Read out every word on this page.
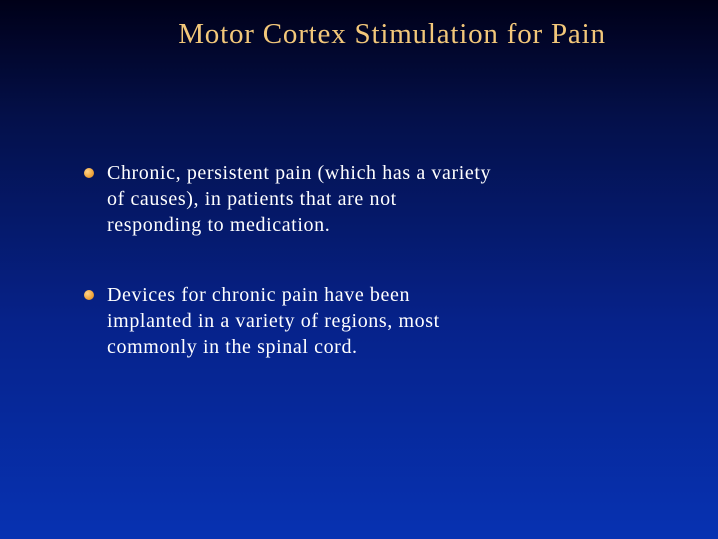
Motor Cortex Stimulation for Pain
Chronic, persistent pain (which has a variety
of causes), in patients that are not
responding to medication.
Devices for chronic pain have been
implanted in a variety of regions, most
commonly in the spinal cord.
